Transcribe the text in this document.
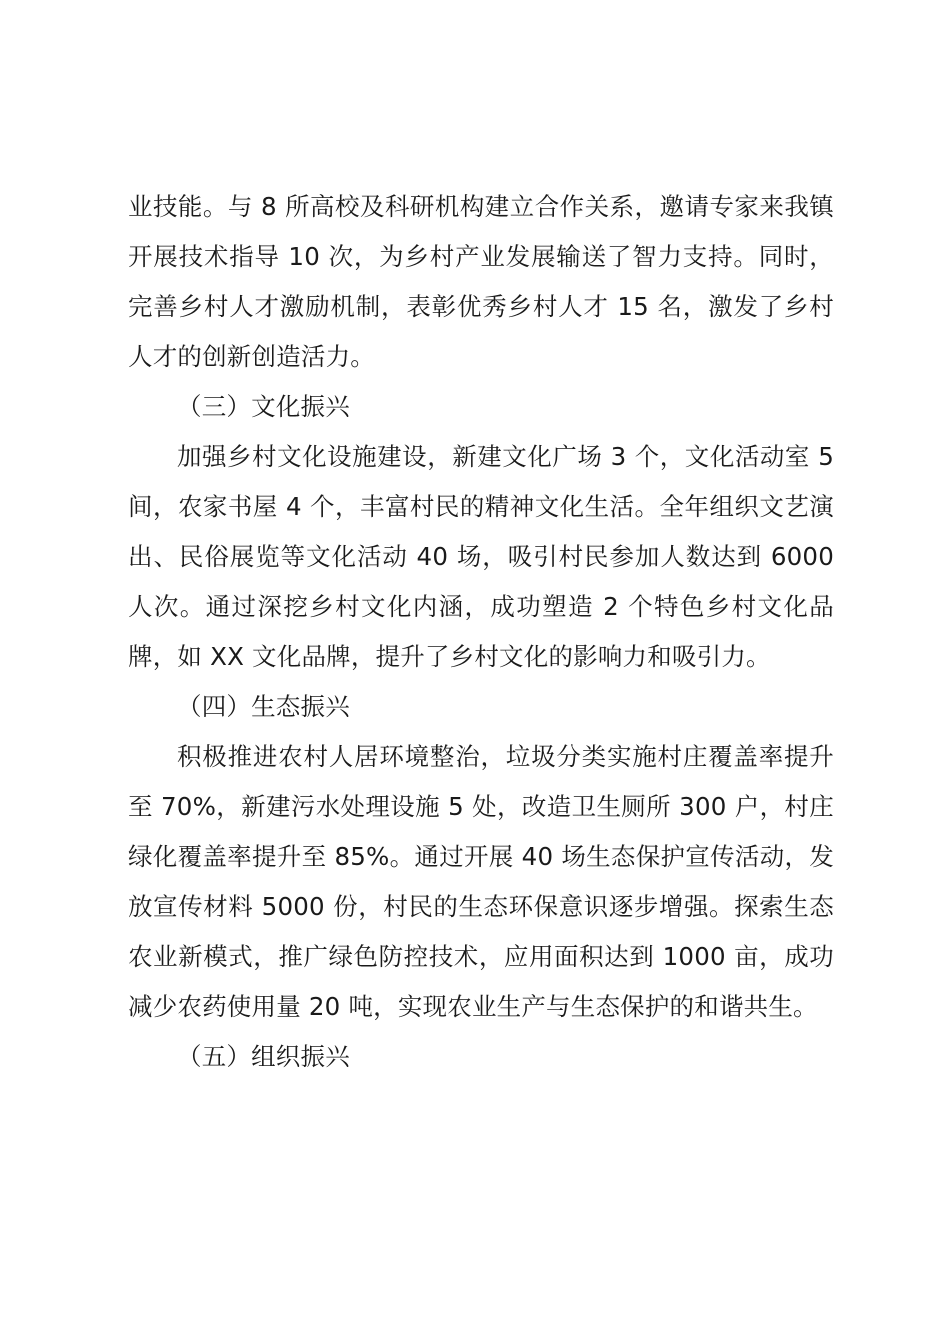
业技能。与 8 所高校及科研机构建立合作关系，邀请专家来我镇开展技术指导 10 次，为乡村产业发展输送了智力支持。同时，完善乡村人才激励机制，表彰优秀乡村人才 15 名，激发了乡村人才的创新创造活力。

（三）文化振兴

加强乡村文化设施建设，新建文化广场 3 个，文化活动室 5 间，农家书屋 4 个，丰富村民的精神文化生活。全年组织文艺演出、民俗展览等文化活动 40 场，吸引村民参加人数达到 6000 人次。通过深挖乡村文化内涵，成功塑造 2 个特色乡村文化品牌，如 XX 文化品牌，提升了乡村文化的影响力和吸引力。

（四）生态振兴

积极推进农村人居环境整治，垃圾分类实施村庄覆盖率提升至 70%，新建污水处理设施 5 处，改造卫生厕所 300 户，村庄绿化覆盖率提升至 85%。通过开展 40 场生态保护宣传活动，发放宣传材料 5000 份，村民的生态环保意识逐步增强。探索生态农业新模式，推广绿色防控技术，应用面积达到 1000 亩，成功减少农药使用量 20 吨，实现农业生产与生态保护的和谐共生。

（五）组织振兴
